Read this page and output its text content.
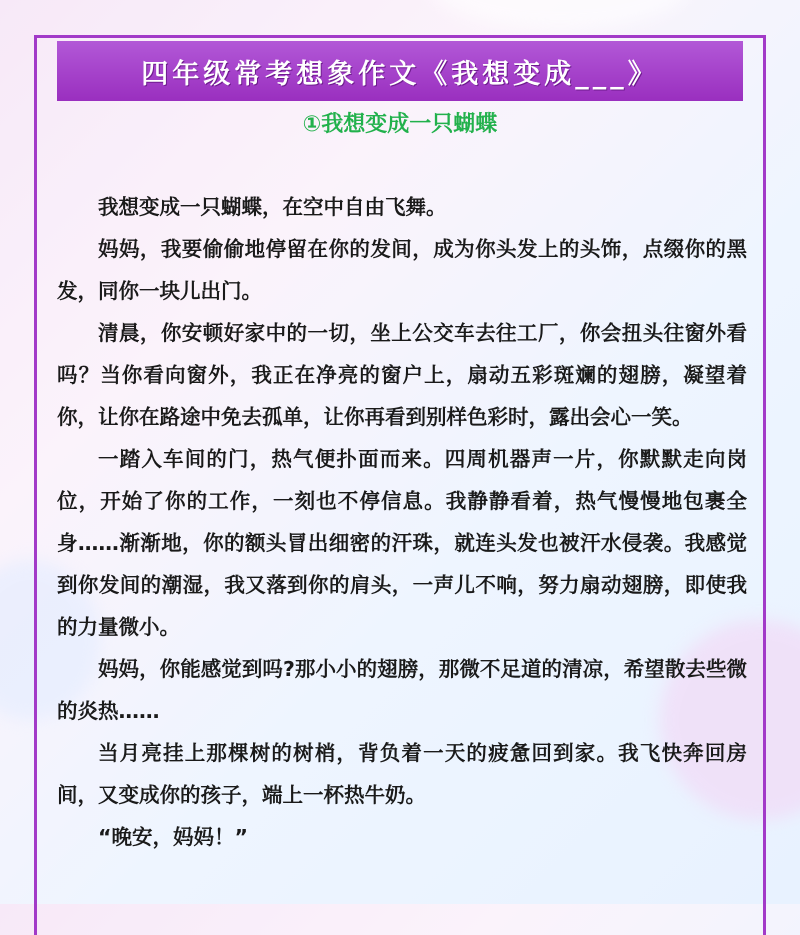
四年级常考想象作文《我想变成___》
①我想变成一只蝴蝶

我想变成一只蝴蝶，在空中自由飞舞。

妈妈，我要偷偷地停留在你的发间，成为你头发上的头饰，点缀你的黑发，同你一块儿出门。

清晨，你安顿好家中的一切，坐上公交车去往工厂，你会扭头往窗外看吗？当你看向窗外，我正在净亮的窗户上，扇动五彩斑斓的翅膀，凝望着你，让你在路途中免去孤单，让你再看到别样色彩时，露出会心一笑。

一踏入车间的门，热气便扑面而来。四周机器声一片，你默默走向岗位，开始了你的工作，一刻也不停信息。我静静看着，热气慢慢地包裹全身……渐渐地，你的额头冒出细密的汗珠，就连头发也被汗水侵袭。我感觉到你发间的潮湿，我又落到你的肩头，一声儿不响，努力扇动翅膀，即使我的力量微小。

妈妈，你能感觉到吗?那小小的翅膀，那微不足道的清凉，希望散去些微的炎热……

当月亮挂上那棵树的树梢，背负着一天的疲惫回到家。我飞快奔回房间，又变成你的孩子，端上一杯热牛奶。

“晚安，妈妈！”
